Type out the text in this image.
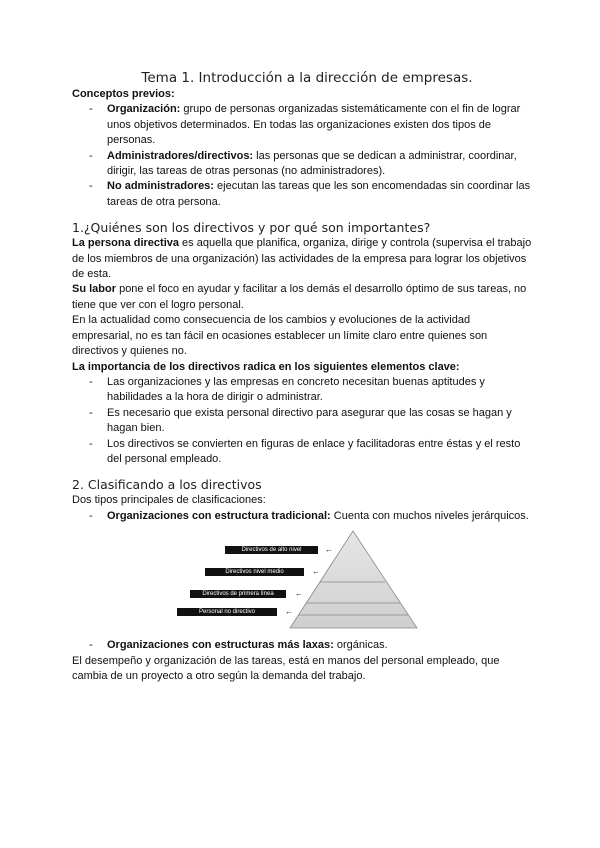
Tema 1. Introducción a la dirección de empresas.
Conceptos previos:
- Organización: grupo de personas organizadas sistemáticamente con el fin de lograr unos objetivos determinados. En todas las organizaciones existen dos tipos de personas.
- Administradores/directivos: las personas que se dedican a administrar, coordinar, dirigir, las tareas de otras personas (no administradores).
- No administradores: ejecutan las tareas que les son encomendadas sin coordinar las tareas de otra persona.
1.¿Quiénes son los directivos y por qué son importantes?
La persona directiva es aquella que planifica, organiza, dirige y controla (supervisa el trabajo de los miembros de una organización) las actividades de la empresa para lograr los objetivos de esta.
Su labor pone el foco en ayudar y facilitar a los demás el desarrollo óptimo de sus tareas, no tiene que ver con el logro personal.
En la actualidad como consecuencia de los cambios y evoluciones de la actividad empresarial, no es tan fácil en ocasiones establecer un límite claro entre quienes son directivos y quienes no.
La importancia de los directivos radica en los siguientes elementos clave:
- Las organizaciones y las empresas en concreto necesitan buenas aptitudes y habilidades a la hora de dirigir o administrar.
- Es necesario que exista personal directivo para asegurar que las cosas se hagan y hagan bien.
- Los directivos se convierten en figuras de enlace y facilitadoras entre éstas y el resto del personal empleado.
2. Clasificando a los directivos
Dos tipos principales de clasificaciones:
- Organizaciones con estructura tradicional: Cuenta con muchos niveles jerárquicos.
Directivos de alto nivel	←
Directivos nivel medio	←
Directivos de primera línea	←
Personal no directivo	←
- Organizaciones con estructuras más laxas: orgánicas.
El desempeño y organización de las tareas, está en manos del personal empleado, que cambia de un proyecto a otro según la demanda del trabajo.
